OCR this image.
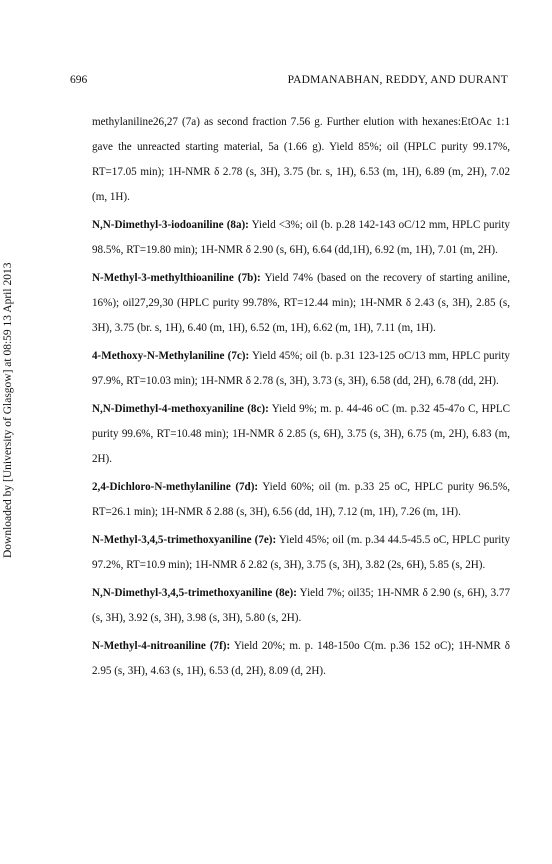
696	PADMANABHAN, REDDY, AND DURANT
Downloaded by [University of Glasgow] at 08:59 13 April 2013

methylaniline26,27 (7a) as second fraction 7.56 g. Further elution with hexanes:EtOAc 1:1 gave the unreacted starting material, 5a (1.66 g). Yield 85%; oil (HPLC purity 99.17%, RT=17.05 min); 1H-NMR δ 2.78 (s, 3H), 3.75 (br. s, 1H), 6.53 (m, 1H), 6.89 (m, 2H), 7.02 (m, 1H).

N,N-Dimethyl-3-iodoaniline (8a): Yield <3%; oil (b. p.28 142-143 oC/12 mm, HPLC purity 98.5%, RT=19.80 min); 1H-NMR δ 2.90 (s, 6H), 6.64 (dd,1H), 6.92 (m, 1H), 7.01 (m, 2H).

N-Methyl-3-methylthioaniline (7b): Yield 74% (based on the recovery of starting aniline, 16%); oil27,29,30 (HPLC purity 99.78%, RT=12.44 min); 1H-NMR δ 2.43 (s, 3H), 2.85 (s, 3H), 3.75 (br. s, 1H), 6.40 (m, 1H), 6.52 (m, 1H), 6.62 (m, 1H), 7.11 (m, 1H).

4-Methoxy-N-Methylaniline (7c): Yield 45%; oil (b. p.31 123-125 oC/13 mm, HPLC purity 97.9%, RT=10.03 min); 1H-NMR δ 2.78 (s, 3H), 3.73 (s, 3H), 6.58 (dd, 2H), 6.78 (dd, 2H).

N,N-Dimethyl-4-methoxyaniline (8c): Yield 9%; m. p. 44-46 oC (m. p.32 45-47o C, HPLC purity 99.6%, RT=10.48 min); 1H-NMR δ 2.85 (s, 6H), 3.75 (s, 3H), 6.75 (m, 2H), 6.83 (m, 2H).

2,4-Dichloro-N-methylaniline (7d): Yield 60%; oil (m. p.33 25 oC, HPLC purity 96.5%, RT=26.1 min); 1H-NMR δ 2.88 (s, 3H), 6.56 (dd, 1H), 7.12 (m, 1H), 7.26 (m, 1H).

N-Methyl-3,4,5-trimethoxyaniline (7e): Yield 45%; oil (m. p.34 44.5-45.5 oC, HPLC purity 97.2%, RT=10.9 min); 1H-NMR δ 2.82 (s, 3H), 3.75 (s, 3H), 3.82 (2s, 6H), 5.85 (s, 2H).

N,N-Dimethyl-3,4,5-trimethoxyaniline (8e): Yield 7%; oil35; 1H-NMR δ 2.90 (s, 6H), 3.77 (s, 3H), 3.92 (s, 3H), 3.98 (s, 3H), 5.80 (s, 2H).

N-Methyl-4-nitroaniline (7f): Yield 20%; m. p. 148-150o C(m. p.36 152 oC); 1H-NMR δ 2.95 (s, 3H), 4.63 (s, 1H), 6.53 (d, 2H), 8.09 (d, 2H).
